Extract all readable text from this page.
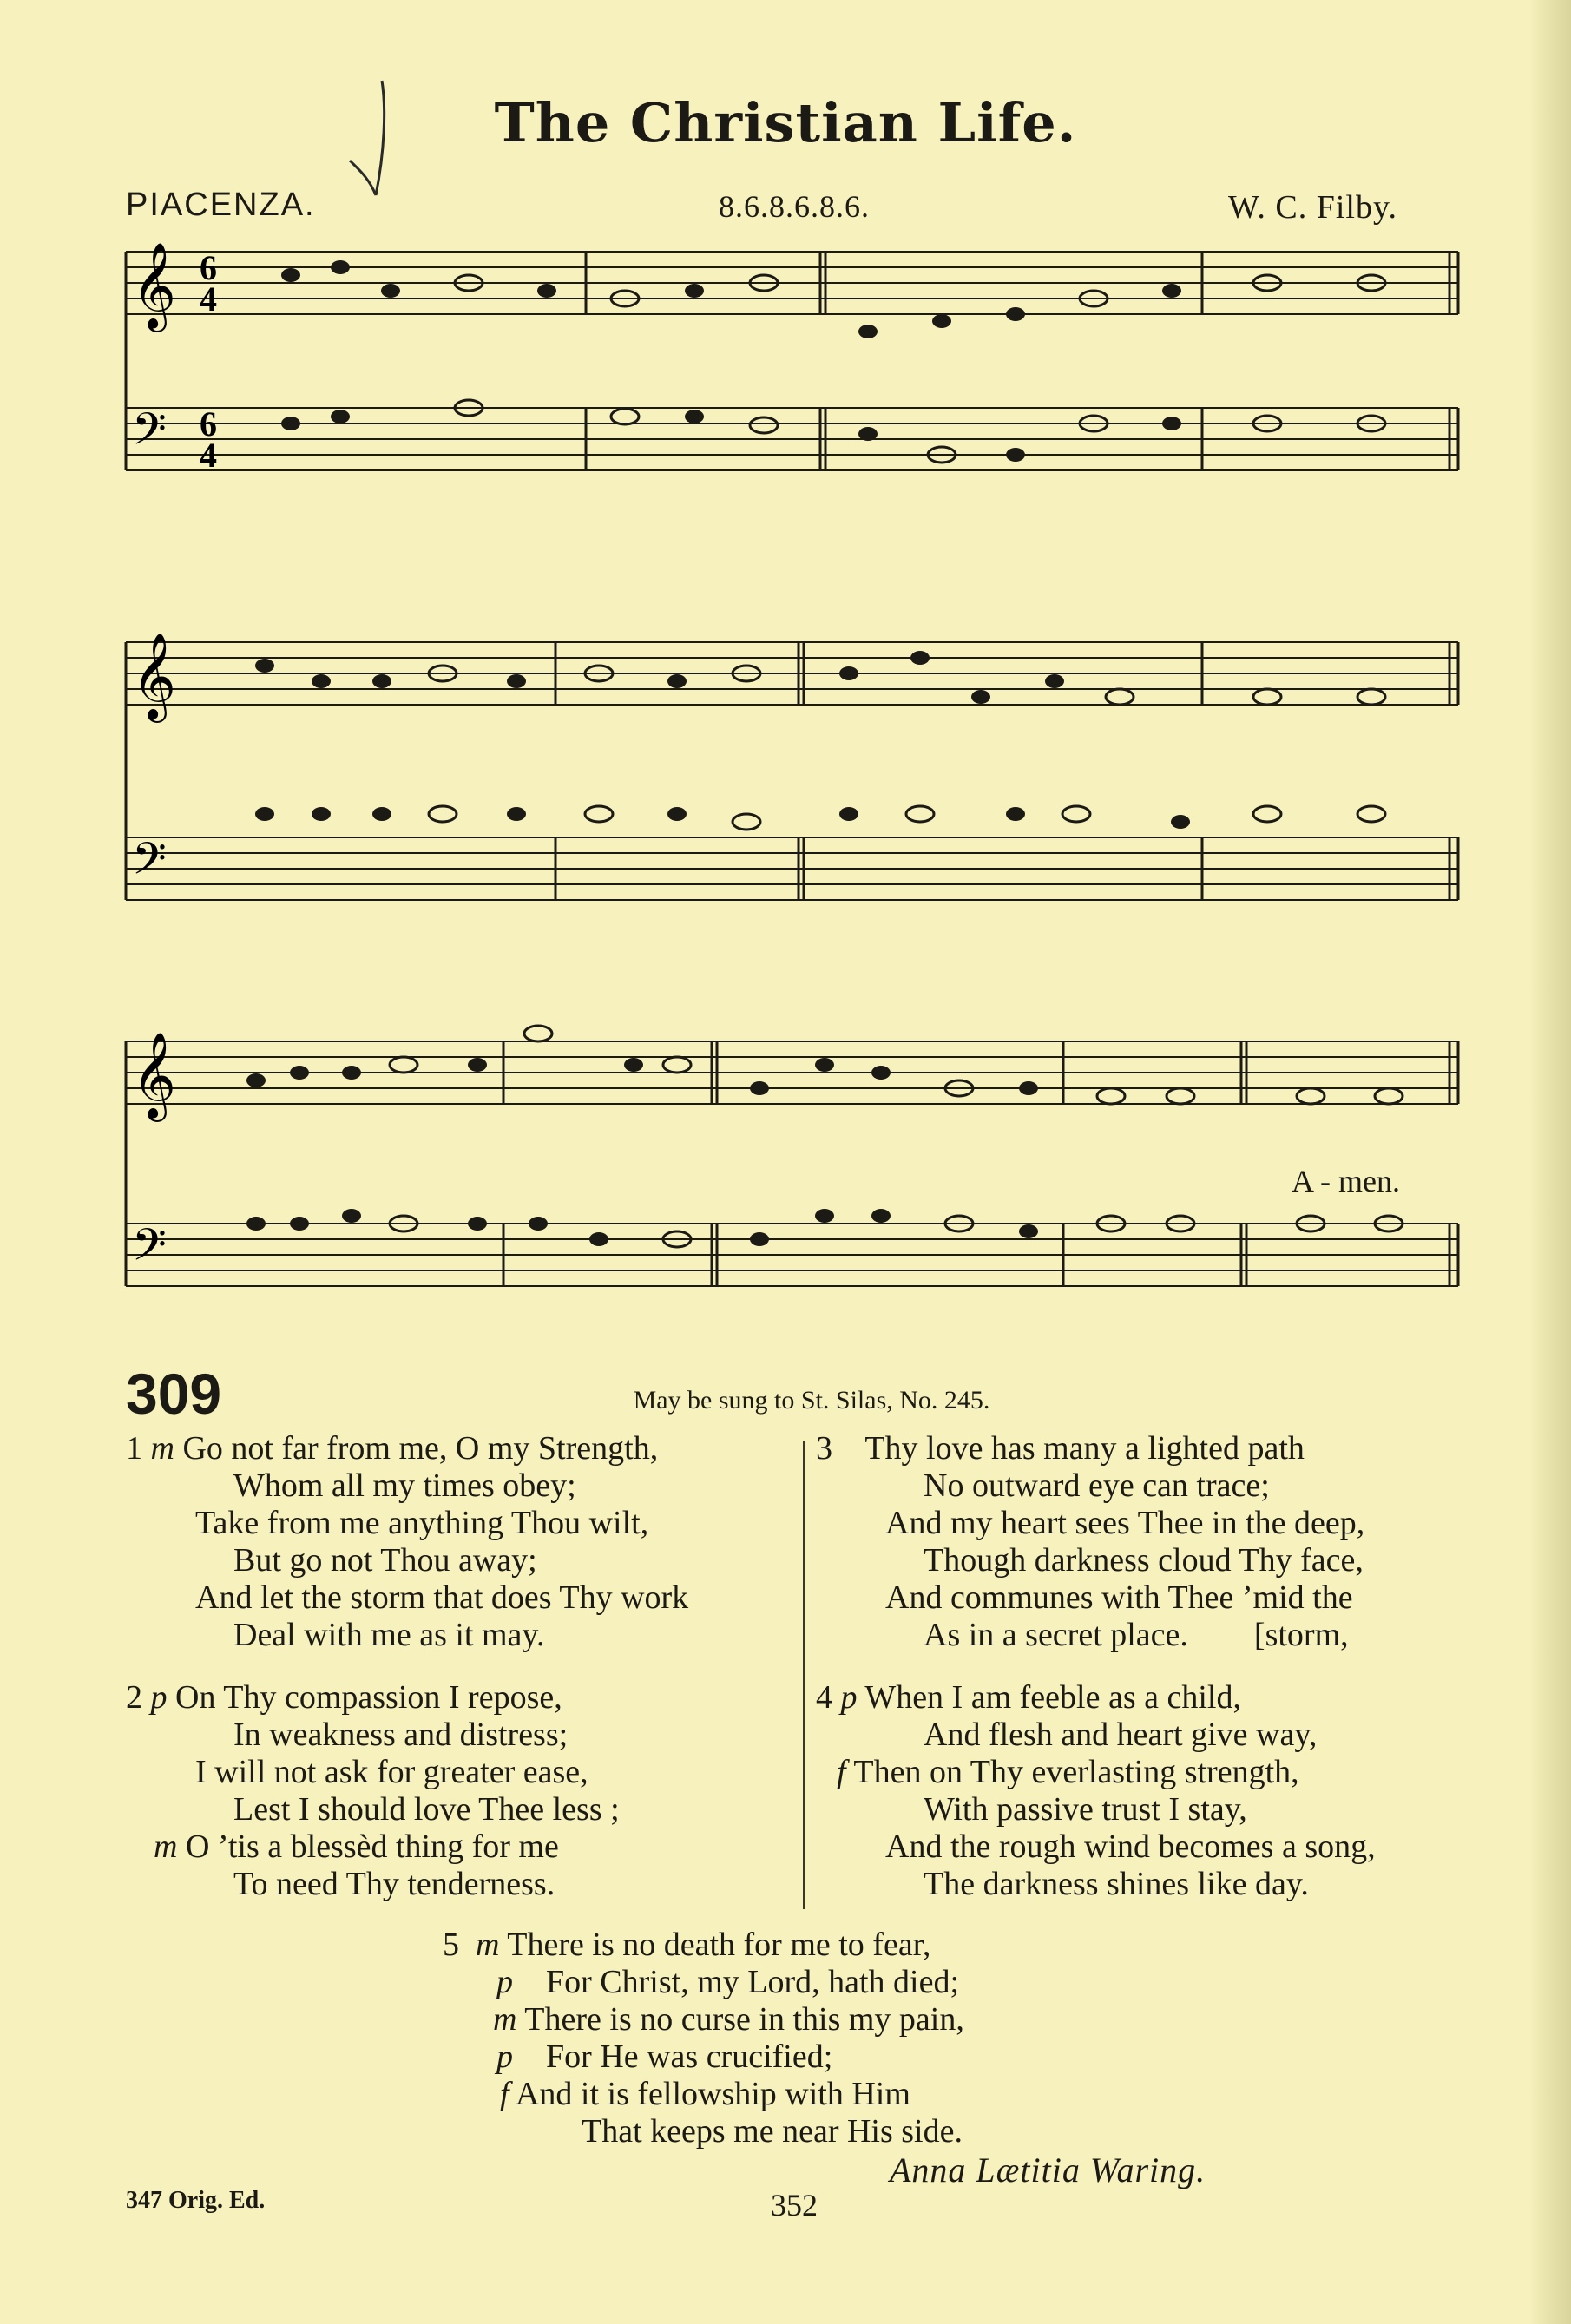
The Christian Life.
PIACENZA.	8.6.8.6.8.6.	W. C. Filby.
𝄞
𝄢
6
4
6
4
𝄞
𝄢
𝄞
𝄢
A - men.
309	May be sung to St. Silas, No. 245.
1 m Go not far from me, O my Strength,
Whom all my times obey;
Take from me anything Thou wilt,
But go not Thou away;
And let the storm that does Thy work
Deal with me as it may.
2 p On Thy compassion I repose,
In weakness and distress;
I will not ask for greater ease,
Lest I should love Thee less ;
m O ’tis a blessèd thing for me
To need Thy tenderness.
3 Thy love has many a lighted path
No outward eye can trace;
And my heart sees Thee in the deep,
Though darkness cloud Thy face,
And communes with Thee ’mid the
As in a secret place.        [storm,
4 p When I am feeble as a child,
And flesh and heart give way,
f Then on Thy everlasting strength,
With passive trust I stay,
And the rough wind becomes a song,
The darkness shines like day.
5 m There is no death for me to fear,
p For Christ, my Lord, hath died;
m There is no curse in this my pain,
p For He was crucified;
f And it is fellowship with Him
That keeps me near His side.
Anna Lætitia Waring.
347 Orig. Ed.	352
